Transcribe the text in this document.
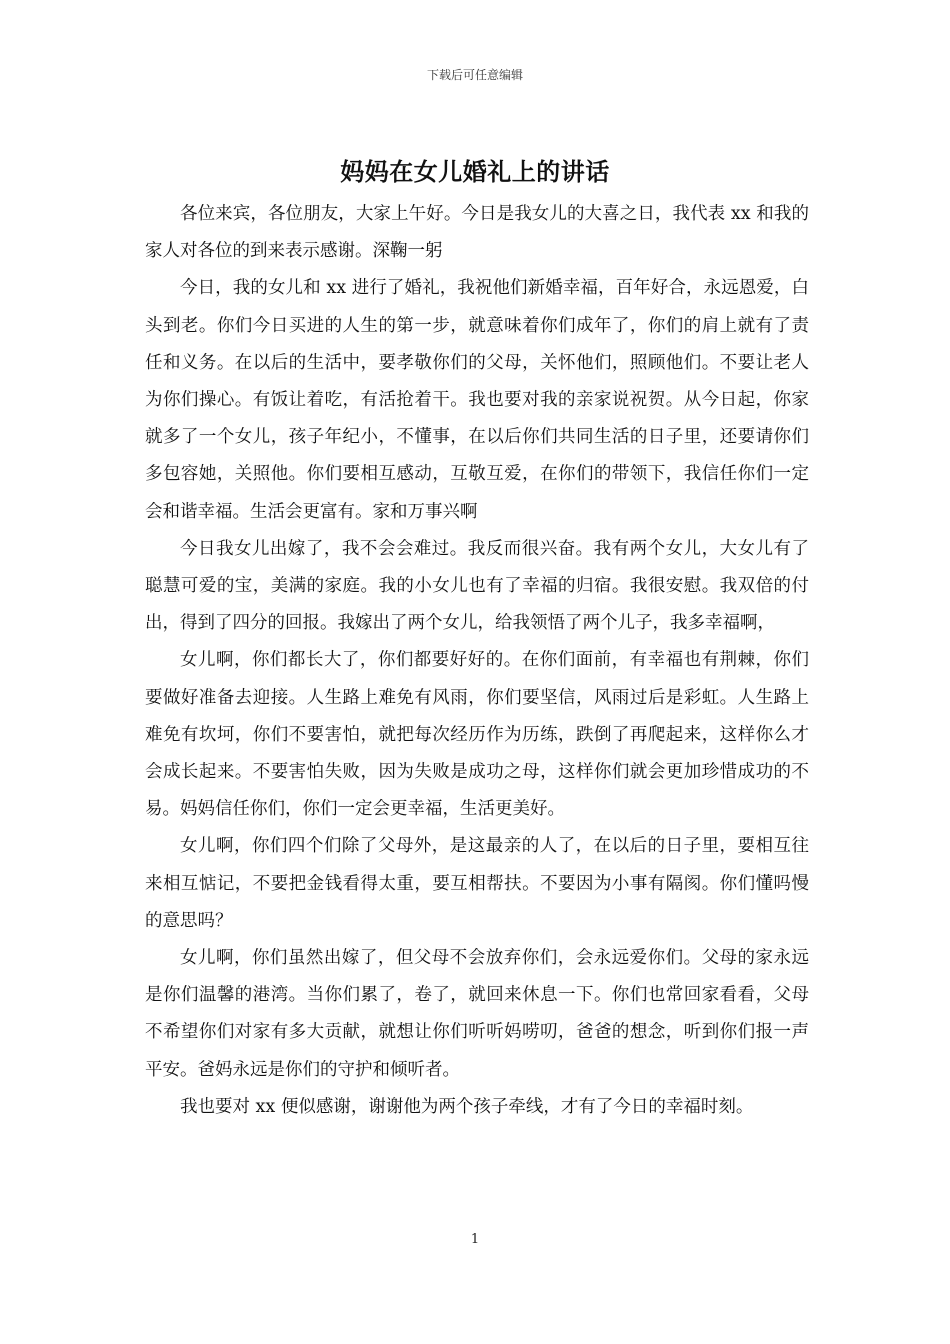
下载后可任意编辑
妈妈在女儿婚礼上的讲话

各位来宾，各位朋友，大家上午好。今日是我女儿的大喜之日，我代表 xx 和我的家人对各位的到来表示感谢。深鞠一躬

今日，我的女儿和 xx 进行了婚礼，我祝他们新婚幸福，百年好合，永远恩爱，白头到老。你们今日买进的人生的第一步，就意味着你们成年了，你们的肩上就有了责任和义务。在以后的生活中，要孝敬你们的父母，关怀他们，照顾他们。不要让老人为你们操心。有饭让着吃，有活抢着干。我也要对我的亲家说祝贺。从今日起，你家就多了一个女儿，孩子年纪小，不懂事，在以后你们共同生活的日子里，还要请你们多包容她，关照他。你们要相互感动，互敬互爱，在你们的带领下，我信任你们一定会和谐幸福。生活会更富有。家和万事兴啊

今日我女儿出嫁了，我不会会难过。我反而很兴奋。我有两个女儿，大女儿有了聪慧可爱的宝，美满的家庭。我的小女儿也有了幸福的归宿。我很安慰。我双倍的付出，得到了四分的回报。我嫁出了两个女儿，给我领悟了两个儿子，我多幸福啊，

女儿啊，你们都长大了，你们都要好好的。在你们面前，有幸福也有荆棘，你们要做好准备去迎接。人生路上难免有风雨，你们要坚信，风雨过后是彩虹。人生路上难免有坎坷，你们不要害怕，就把每次经历作为历练，跌倒了再爬起来，这样你么才会成长起来。不要害怕失败，因为失败是成功之母，这样你们就会更加珍惜成功的不易。妈妈信任你们，你们一定会更幸福，生活更美好。

女儿啊，你们四个们除了父母外，是这最亲的人了，在以后的日子里，要相互往来相互惦记，不要把金钱看得太重，要互相帮扶。不要因为小事有隔阂。你们懂吗慢的意思吗？

女儿啊，你们虽然出嫁了，但父母不会放弃你们，会永远爱你们。父母的家永远是你们温馨的港湾。当你们累了，卷了，就回来休息一下。你们也常回家看看，父母不希望你们对家有多大贡献，就想让你们听听妈唠叨，爸爸的想念，听到你们报一声平安。爸妈永远是你们的守护和倾听者。

我也要对 xx 便似感谢，谢谢他为两个孩子牵线，才有了今日的幸福时刻。

1
